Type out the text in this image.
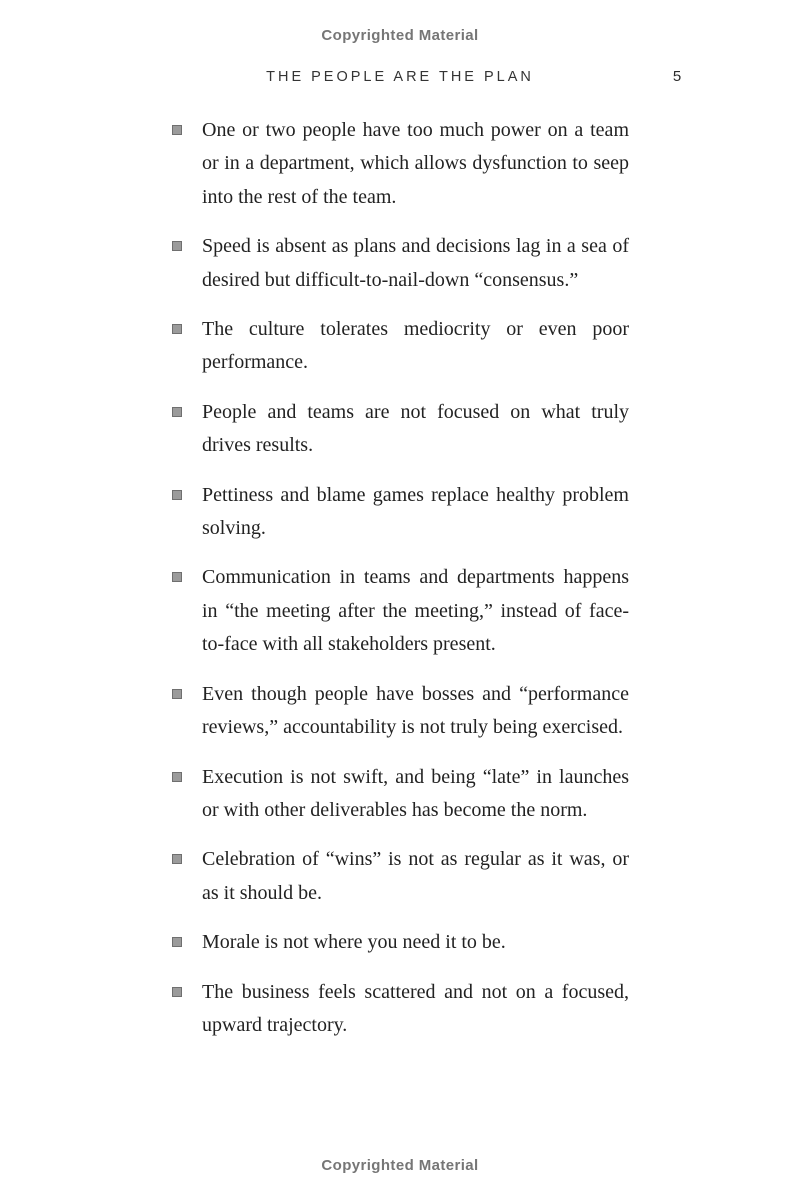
Copyrighted Material
THE PEOPLE ARE THE PLAN	5
One or two people have too much power on a team or in a department, which allows dysfunction to seep into the rest of the team.
Speed is absent as plans and decisions lag in a sea of desired but difficult-to-nail-down “consensus.”
The culture tolerates mediocrity or even poor performance.
People and teams are not focused on what truly drives results.
Pettiness and blame games replace healthy problem solving.
Communication in teams and departments happens in “the meeting after the meeting,” instead of face-to-face with all stakeholders present.
Even though people have bosses and “performance reviews,” accountability is not truly being exercised.
Execution is not swift, and being “late” in launches or with other deliverables has become the norm.
Celebration of “wins” is not as regular as it was, or as it should be.
Morale is not where you need it to be.
The business feels scattered and not on a focused, upward trajectory.
Copyrighted Material
